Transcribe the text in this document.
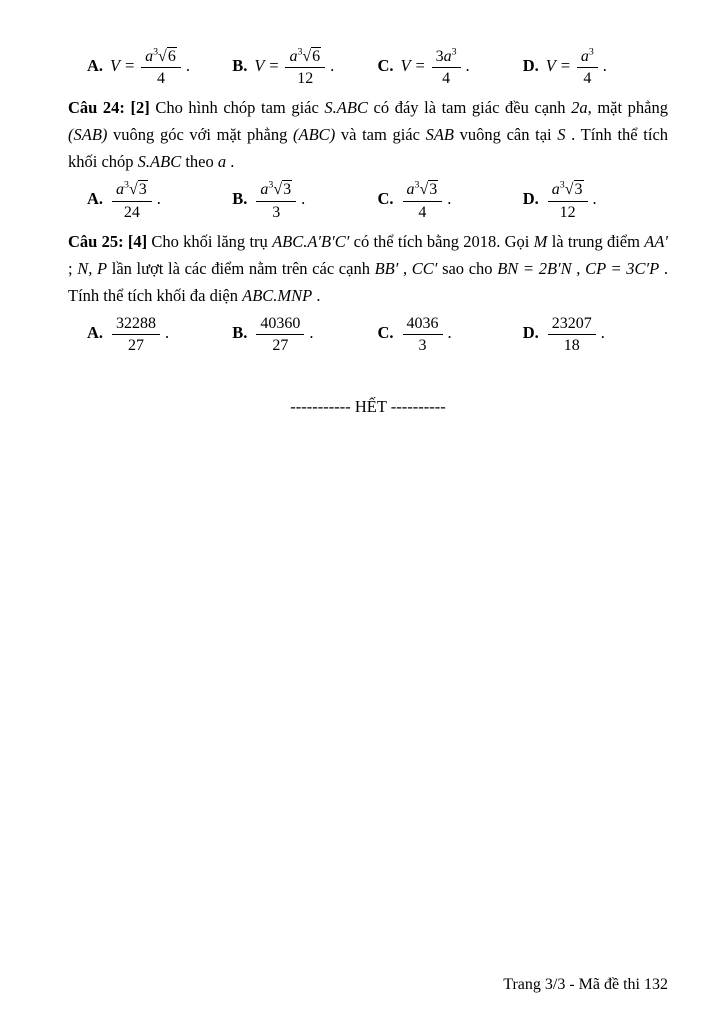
A. $V = \frac{a^3√6}{4}$ .	B. $V = \frac{a^3√6}{12}$ .	C. $V = \frac{3a^3}{4}$ .	D. $V = \frac{a^3}{4}$ .

Câu 24: [2] Cho hình chóp tam giác S.ABC có đáy là tam giác đều cạnh 2a, mặt phẳng (SAB) vuông góc với mặt phẳng (ABC) và tam giác SAB vuông cân tại S . Tính thể tích khối chóp S.ABC theo a .

A. $\frac{a^3√3}{24}$ .	B. $\frac{a^3√3}{3}$ .	C. $\frac{a^3√3}{4}$ .	D. $\frac{a^3√3}{12}$ .

Câu 25: [4] Cho khối lăng trụ ABC.A′B′C′ có thể tích bằng 2018. Gọi M là trung điểm AA′ ; N, P lần lượt là các điểm nằm trên các cạnh BB′ , CC′ sao cho BN = 2B′N , CP = 3C′P . Tính thể tích khối đa diện ABC.MNP .

A. $\frac{32288}{27}$ .	B. $\frac{40360}{27}$ .	C. $\frac{4036}{3}$ .	D. $\frac{23207}{18}$ .
----------- HẾT ----------
Trang 3/3 - Mã đề thi 132
